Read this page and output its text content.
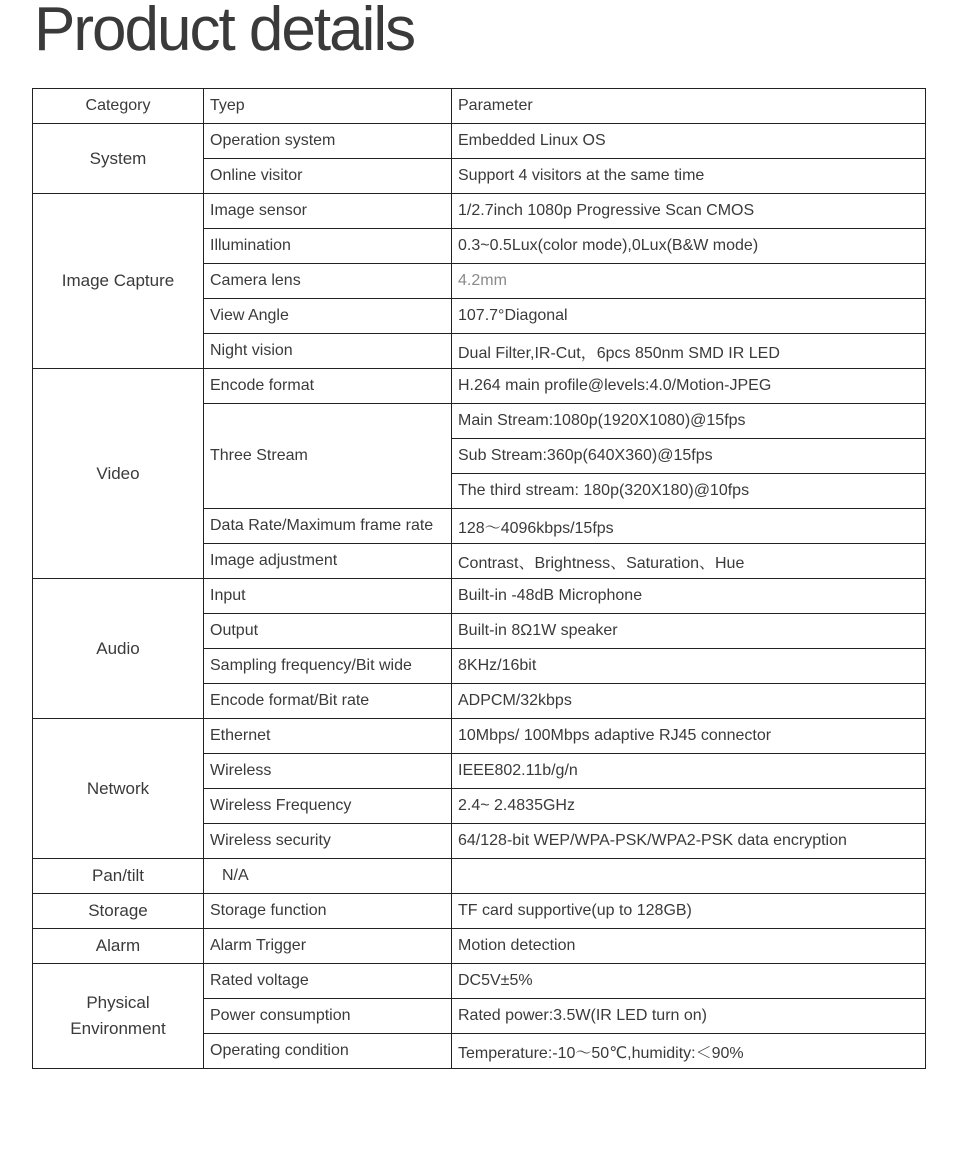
Product details
Category	Tyep	Parameter
System	Operation system	Embedded Linux OS
	Online visitor	Support 4 visitors at the same time
Image Capture	Image sensor	1/2.7inch 1080p Progressive Scan CMOS
	Illumination	0.3~0.5Lux(color mode),0Lux(B&W mode)
	Camera lens	4.2mm
	View Angle	107.7°Diagonal
	Night vision	Dual Filter,IR-Cut，6pcs 850nm SMD IR LED
Video	Encode format	H.264 main profile@levels:4.0/Motion-JPEG
	Three Stream	Main Stream:1080p(1920X1080)@15fps
		Sub Stream:360p(640X360)@15fps
		The third stream: 180p(320X180)@10fps
	Data Rate/Maximum frame rate	128〜4096kbps/15fps
	Image adjustment	Contrast、Brightness、Saturation、Hue
Audio	Input	Built-in -48dB Microphone
	Output	Built-in 8Ω1W speaker
	Sampling frequency/Bit wide	8KHz/16bit
	Encode format/Bit rate	ADPCM/32kbps
Network	Ethernet	10Mbps/ 100Mbps adaptive RJ45 connector
	Wireless	IEEE802.11b/g/n
	Wireless Frequency	2.4~ 2.4835GHz
	Wireless security	64/128-bit WEP/WPA-PSK/WPA2-PSK data encryption
Pan/tilt	N/A	
Storage	Storage function	TF card supportive(up to 128GB)
Alarm	Alarm Trigger	Motion detection
Physical Environment	Rated voltage	DC5V±5%
	Power consumption	Rated power:3.5W(IR LED turn on)
	Operating condition	Temperature:-10〜50℃,humidity:＜90%
